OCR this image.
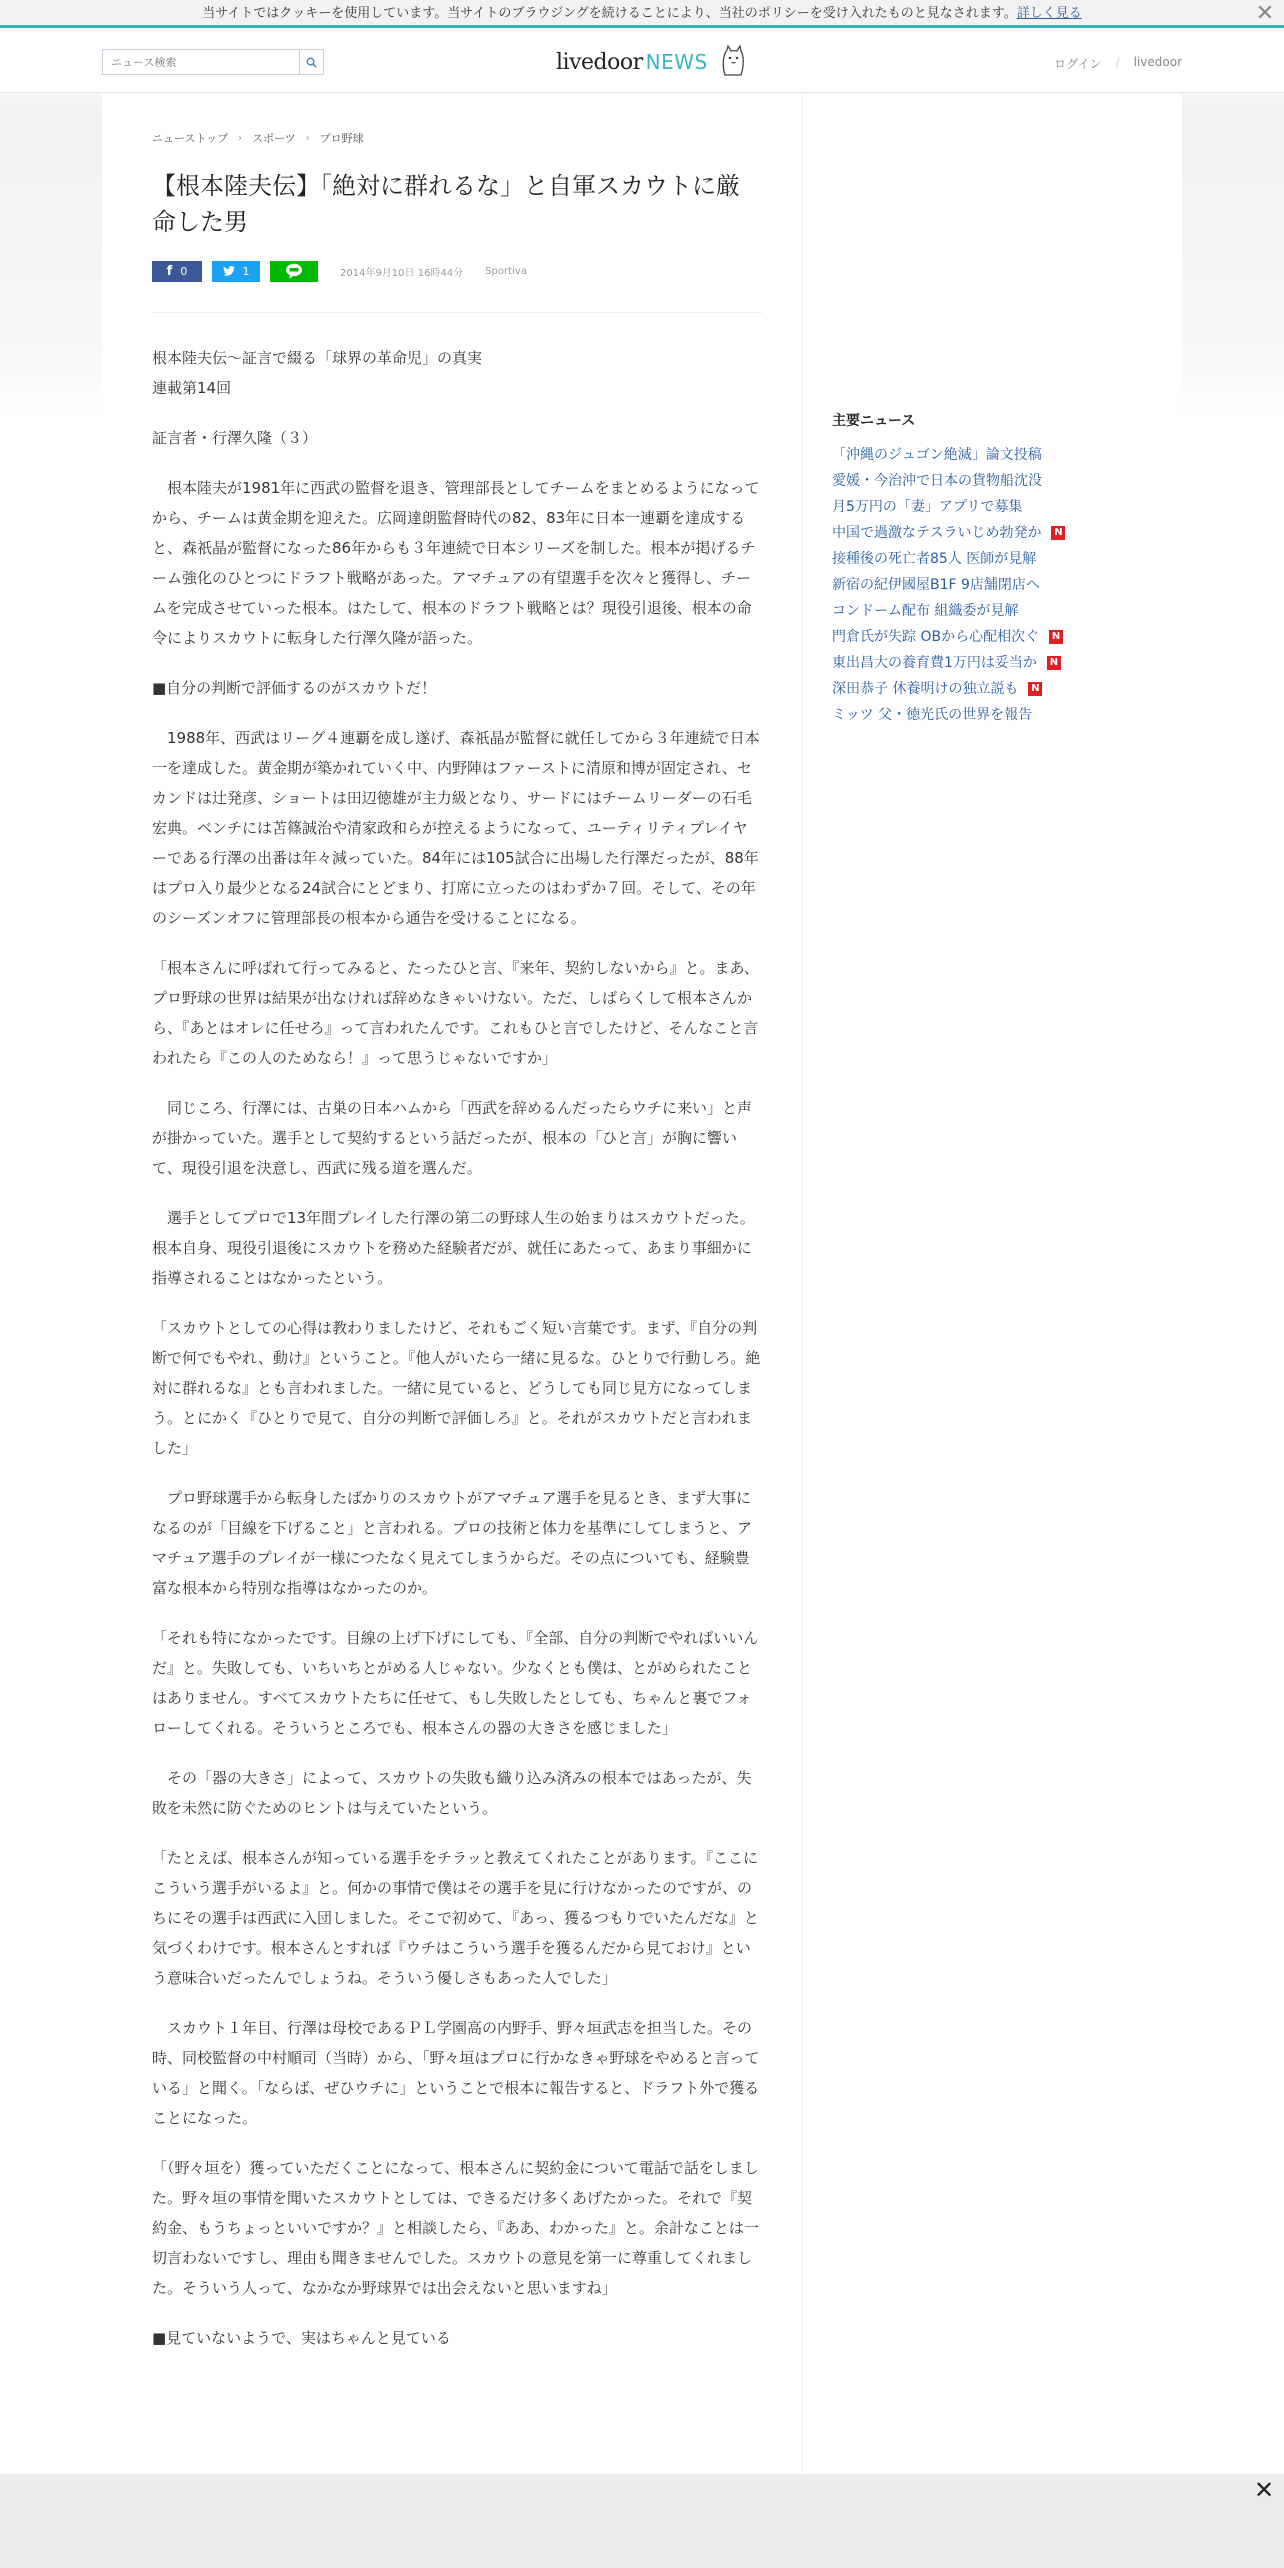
当サイトではクッキーを使用しています。当サイトのブラウジングを続けることにより、当社のポリシーを受け入れたものと見なされます。詳しく見る	✕
ニュース検索
livedoor NEWS	ログイン / livedoor
ニューストップ › スポーツ › プロ野球
【根本陸夫伝】「絶対に群れるな」と自軍スカウトに厳命した男
f 0	1	2014年9月10日 16時44分 Sportiva

根本陸夫伝～証言で綴る「球界の革命児」の真実
連載第14回

証言者・行澤久隆（３）

　根本陸夫が1981年に西武の監督を退き、管理部長としてチームをまとめるようになってから、チームは黄金期を迎えた。広岡達朗監督時代の82、83年に日本一連覇を達成すると、森祇晶が監督になった86年からも３年連続で日本シリーズを制した。根本が掲げるチーム強化のひとつにドラフト戦略があった。アマチュアの有望選手を次々と獲得し、チームを完成させていった根本。はたして、根本のドラフト戦略とは？現役引退後、根本の命令によりスカウトに転身した行澤久隆が語った。

■自分の判断で評価するのがスカウトだ！

　1988年、西武はリーグ４連覇を成し遂げ、森祇晶が監督に就任してから３年連続で日本一を達成した。黄金期が築かれていく中、内野陣はファーストに清原和博が固定され、セカンドは辻発彦、ショートは田辺徳雄が主力級となり、サードにはチームリーダーの石毛宏典。ベンチには苫篠誠治や清家政和らが控えるようになって、ユーティリティプレイヤーである行澤の出番は年々減っていた。84年には105試合に出場した行澤だったが、88年はプロ入り最少となる24試合にとどまり、打席に立ったのはわずか７回。そして、その年のシーズンオフに管理部長の根本から通告を受けることになる。

「根本さんに呼ばれて行ってみると、たったひと言、『来年、契約しないから』と。まあ、プロ野球の世界は結果が出なければ辞めなきゃいけない。ただ、しばらくして根本さんから、『あとはオレに任せろ』って言われたんです。これもひと言でしたけど、そんなこと言われたら『この人のためなら！』って思うじゃないですか」

　同じころ、行澤には、古巣の日本ハムから「西武を辞めるんだったらウチに来い」と声が掛かっていた。選手として契約するという話だったが、根本の「ひと言」が胸に響いて、現役引退を決意し、西武に残る道を選んだ。

　選手としてプロで13年間プレイした行澤の第二の野球人生の始まりはスカウトだった。根本自身、現役引退後にスカウトを務めた経験者だが、就任にあたって、あまり事細かに指導されることはなかったという。

「スカウトとしての心得は教わりましたけど、それもごく短い言葉です。まず、『自分の判断で何でもやれ、動け』ということ。『他人がいたら一緒に見るな。ひとりで行動しろ。絶対に群れるな』とも言われました。一緒に見ていると、どうしても同じ見方になってしまう。とにかく『ひとりで見て、自分の判断で評価しろ』と。それがスカウトだと言われました」

　プロ野球選手から転身したばかりのスカウトがアマチュア選手を見るとき、まず大事になるのが「目線を下げること」と言われる。プロの技術と体力を基準にしてしまうと、アマチュア選手のプレイが一様につたなく見えてしまうからだ。その点についても、経験豊富な根本から特別な指導はなかったのか。

「それも特になかったです。目線の上げ下げにしても、『全部、自分の判断でやればいいんだ』と。失敗しても、いちいちとがめる人じゃない。少なくとも僕は、とがめられたことはありません。すべてスカウトたちに任せて、もし失敗したとしても、ちゃんと裏でフォローしてくれる。そういうところでも、根本さんの器の大きさを感じました」

　その「器の大きさ」によって、スカウトの失敗も織り込み済みの根本ではあったが、失敗を未然に防ぐためのヒントは与えていたという。

「たとえば、根本さんが知っている選手をチラッと教えてくれたことがあります。『ここにこういう選手がいるよ』と。何かの事情で僕はその選手を見に行けなかったのですが、のちにその選手は西武に入団しました。そこで初めて、『あっ、獲るつもりでいたんだな』と気づくわけです。根本さんとすれば『ウチはこういう選手を獲るんだから見ておけ』という意味合いだったんでしょうね。そういう優しさもあった人でした」

　スカウト１年目、行澤は母校であるＰＬ学園高の内野手、野々垣武志を担当した。その時、同校監督の中村順司（当時）から、「野々垣はプロに行かなきゃ野球をやめると言っている」と聞く。「ならば、ぜひウチに」ということで根本に報告すると、ドラフト外で獲ることになった。

「（野々垣を）獲っていただくことになって、根本さんに契約金について電話で話をしました。野々垣の事情を聞いたスカウトとしては、できるだけ多くあげたかった。それで『契約金、もうちょっといいですか？』と相談したら、『ああ、わかった』と。余計なことは一切言わないですし、理由も聞きませんでした。スカウトの意見を第一に尊重してくれました。そういう人って、なかなか野球界では出会えないと思いますね」

■見ていないようで、実はちゃんと見ている

主要ニュース
「沖縄のジュゴン絶滅」論文投稿
愛媛・今治沖で日本の貨物船沈没
月5万円の「妻」アプリで募集
中国で過激なテスラいじめ勃発か N
接種後の死亡者85人 医師が見解
新宿の紀伊國屋B1F 9店舗閉店へ
コンドーム配布 組織委が見解
門倉氏が失踪 OBから心配相次ぐ N
東出昌大の養育費1万円は妥当か N
深田恭子 休養明けの独立説も N
ミッツ 父・徳光氏の世界を報告
✕
